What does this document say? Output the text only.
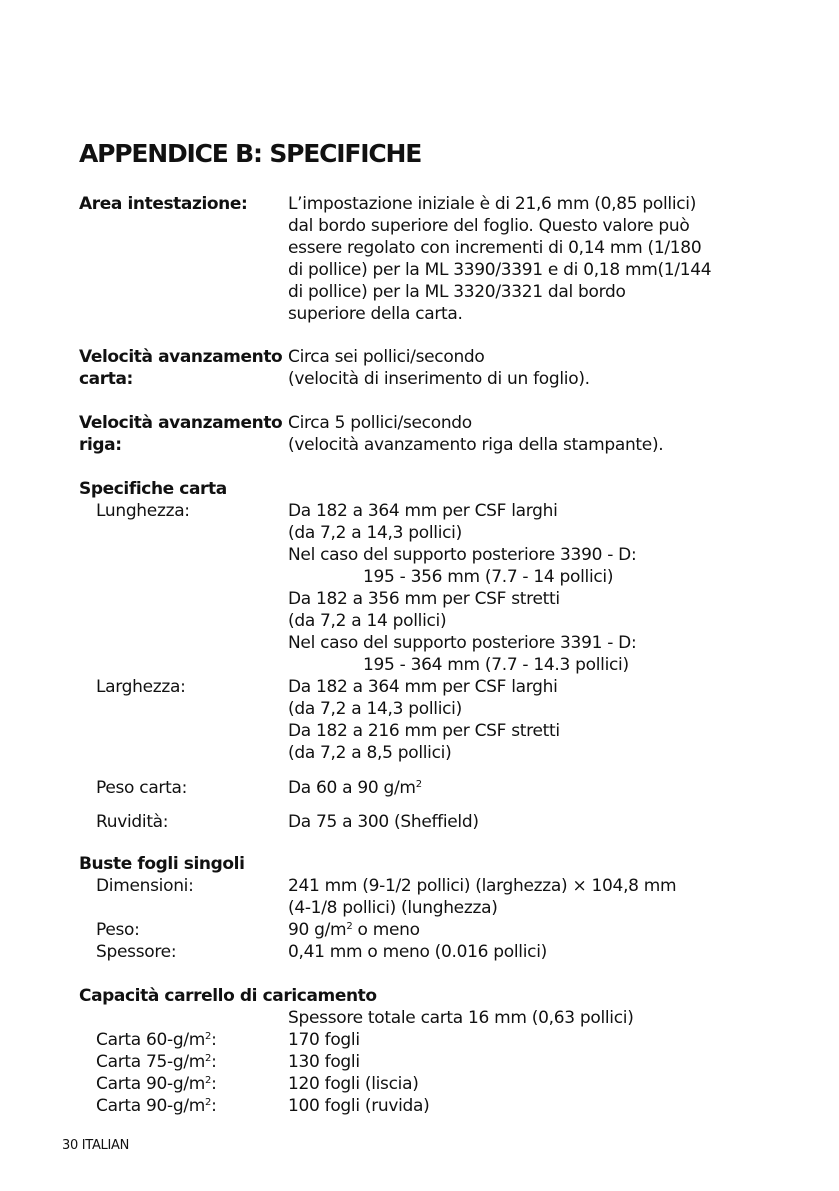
APPENDICE B: SPECIFICHE
Area intestazione: L’impostazione iniziale è di 21,6 mm (0,85 pollici)
dal bordo superiore del foglio. Questo valore può
essere regolato con incrementi di 0,14 mm (1/180
di pollice) per la ML 3390/3391 e di 0,18 mm(1/144
di pollice) per la ML 3320/3321 dal bordo
superiore della carta.
Velocità avanzamento
carta:
Circa sei pollici/secondo
(velocità di inserimento di un foglio).
Velocità avanzamento
riga:
Circa 5 pollici/secondo
(velocità avanzamento riga della stampante).
Specifiche carta
Lunghezza:	Da 182 a 364 mm per CSF larghi
(da 7,2 a 14,3 pollici)
Nel caso del supporto posteriore 3390 - D:
195 - 356 mm (7.7 - 14 pollici)
Da 182 a 356 mm per CSF stretti
(da 7,2 a 14 pollici)
Nel caso del supporto posteriore 3391 - D:
195 - 364 mm (7.7 - 14.3 pollici)
Larghezza:	Da 182 a 364 mm per CSF larghi
(da 7,2 a 14,3 pollici)
Da 182 a 216 mm per CSF stretti
(da 7,2 a 8,5 pollici)
Peso carta:	Da 60 a 90 $g/m^2$
Ruvidità:	Da 75 a 300 (Sheffield)
Buste fogli singoli
Dimensioni:	241 mm (9-1/2 pollici) (larghezza) × 104,8 mm
(4-1/8 pollici) (lunghezza)
Peso:	90 $g/m^2$ o meno
Spessore:	0,41 mm o meno (0.016 pollici)
Capacità carrello di caricamento
Spessore totale carta 16 mm (0,63 pollici)
Carta $60-g/m^2$:	170 fogli
Carta $75-g/m^2$:	130 fogli
Carta $90-g/m^2$:	120 fogli (liscia)
Carta $90-g/m^2$:	100 fogli (ruvida)
30 ITALIAN
